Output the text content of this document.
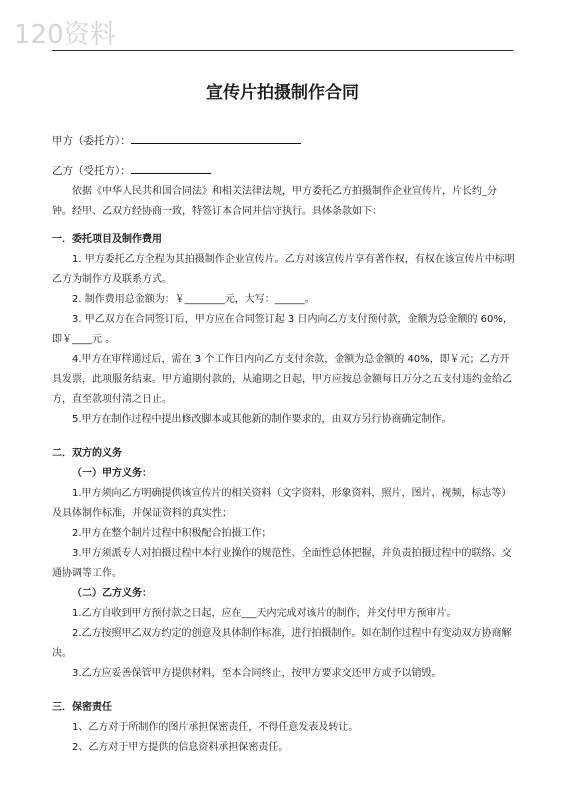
120资料
宣传片拍摄制作合同
甲方（委托方）：
乙方（受托方）：

依据《中华人民共和国合同法》和相关法律法规，甲方委托乙方拍摄制作企业宣传片，片长约_分钟。经甲、乙双方经协商一致，特签订本合同并信守执行。具体条款如下：

一．委托项目及制作费用

1. 甲方委托乙方全程为其拍摄制作企业宣传片。乙方对该宣传片享有著作权，有权在该宣传片中标明乙方为制作方及联系方式。

2. 制作费用总金额为：￥________元，大写：______。

3. 甲乙双方在合同签订后，甲方应在合同签订起 3 日内向乙方支付预付款，金额为总金额的 60%，即￥____元 。

4.甲方在审样通过后，需在 3 个工作日内向乙方支付余款，金额为总金额的 40%，即￥元；乙方开具发票，此项服务结束。甲方逾期付款的，从逾期之日起，甲方应按总金额每日万分之五支付违约金给乙方，直至款项付清之日止。

5.甲方在制作过程中提出修改脚本或其他新的制作要求的，由双方另行协商确定制作。

二．双方的义务

（一）甲方义务：

1.甲方须向乙方明确提供该宣传片的相关资料（文字资料，形象资料，照片，图片，视频，标志等）及具体制作标准，并保证资料的真实性；

2.甲方在整个制片过程中积极配合拍摄工作；

3.甲方须派专人对拍摄过程中本行业操作的规范性、全面性总体把握，并负责拍摄过程中的联络、交通协调等工作。

（二）乙方义务：

1.乙方自收到甲方预付款之日起，应在___天内完成对该片的制作，并交付甲方预审片。

2.乙方按照甲乙双方约定的创意及具体制作标准，进行拍摄制作。如在制作过程中有变动双方协商解决。

3.乙方应妥善保管甲方提供材料，至本合同终止，按甲方要求交还甲方或予以销毁。

三．保密责任

1、乙方对于所制作的图片承担保密责任，不得任意发表及转让。

2、乙方对于甲方提供的信息资料承担保密责任。
